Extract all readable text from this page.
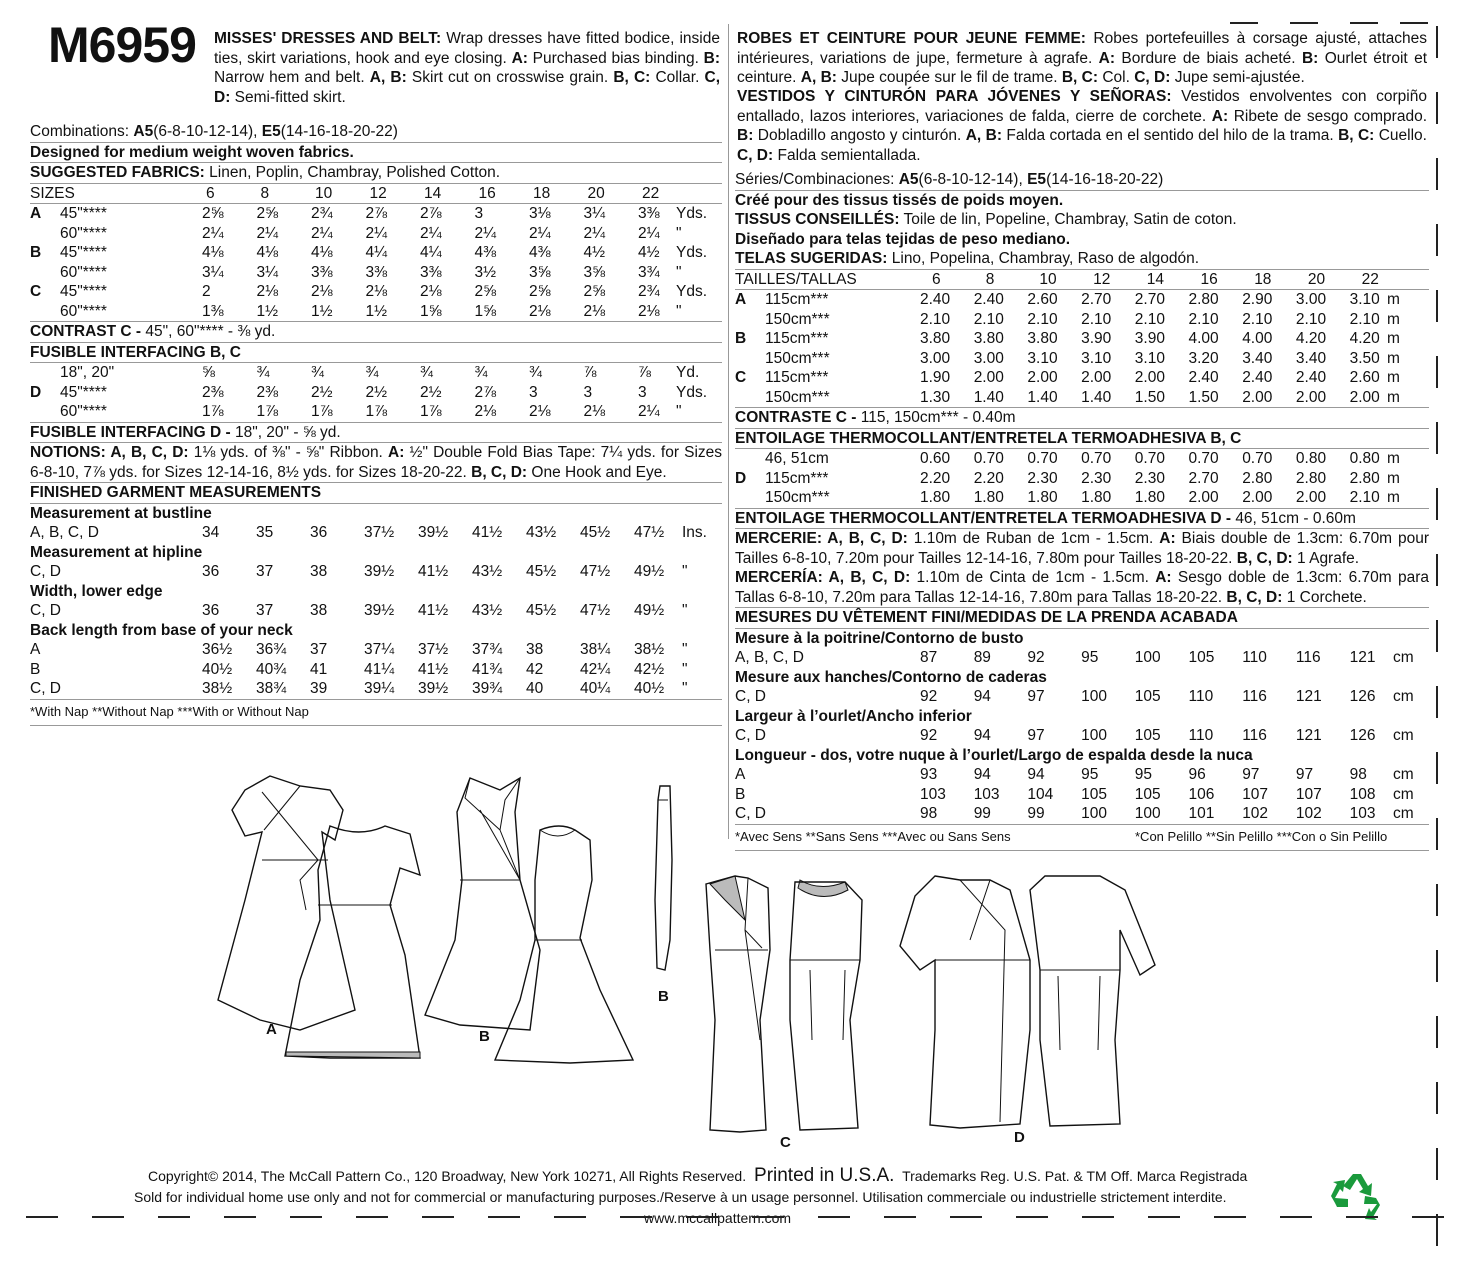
M6959 MISSES' DRESSES AND BELT: Wrap dresses have fitted bodice, inside ties, skirt variations, hook and eye closing. A: Purchased bias binding. B: Narrow hem and belt. A, B: Skirt cut on crosswise grain. B, C: Collar. C, D: Semi-fitted skirt.
ROBES ET CEINTURE POUR JEUNE FEMME: Robes portefeuilles à corsage ajusté, attaches intérieures, variations de jupe, fermeture à agrafe. A: Bordure de biais acheté. B: Ourlet étroit et ceinture. A, B: Jupe coupée sur le fil de trame. B, C: Col. C, D: Jupe semi-ajustée.
VESTIDOS Y CINTURÓN PARA JÓVENES Y SEÑORAS: Vestidos envolventes con corpiño entallado, lazos interiores, variaciones de falda, cierre de corchete. A: Ribete de sesgo comprado. B: Dobladillo angosto y cinturón. A, B: Falda cortada en el sentido del hilo de la trama. B, C: Cuello. C, D: Falda semientallada.
Combinations: A5(6-8-10-12-14), E5(14-16-18-20-22)
Designed for medium weight woven fabrics.
SUGGESTED FABRICS: Linen, Poplin, Chambray, Polished Cotton.
SIZES	6	8	10 12 14 16 18 20 22
A 45"****	2⅝ 2⅝ 2¾ 2⅞ 2⅞ 3	3⅛ 3¼ 3⅜ Yds.
60"****	2¼ 2¼ 2¼ 2¼ 2¼ 2¼ 2¼ 2¼ 2¼ "
B 45"****	4⅛ 4⅛ 4⅛ 4¼ 4¼ 4⅜ 4⅜ 4½ 4½ Yds.
60"****	3¼ 3¼ 3⅜ 3⅜ 3⅜ 3½ 3⅝ 3⅝ 3¾ "
C 45"****	2	2⅛ 2⅛ 2⅛ 2⅛ 2⅝ 2⅝ 2⅝ 2¾ Yds.
60"****	1⅜ 1½ 1½ 1½ 1⅝ 1⅝ 2⅛ 2⅛ 2⅛ "
CONTRAST C - 45", 60"**** - ⅜ yd.
FUSIBLE INTERFACING B, C
18", 20"	⅝	¾	¾	¾	¾	¾	¾	⅞	⅞ Yd.
D 45"****	2⅜ 2⅜ 2½ 2½ 2½ 2⅞ 3	3	3 Yds.
60"****	1⅞ 1⅞ 1⅞ 1⅞ 1⅞ 2⅛ 2⅛ 2⅛ 2¼ "
FUSIBLE INTERFACING D - 18", 20" - ⅝ yd.
NOTIONS: A, B, C, D: 1⅛ yds. of ⅜" - ⅝" Ribbon. A: ½" Double Fold Bias Tape: 7¼ yds. for Sizes 6-8-10, 7⅞ yds. for Sizes 12-14-16, 8½ yds. for Sizes 18-20-22. B, C, D: One Hook and Eye.
FINISHED GARMENT MEASUREMENTS
Measurement at bustline
A, B, C, D	34 35 36 37½ 39½ 41½ 43½ 45½ 47½ Ins.
Measurement at hipline
C, D	36 37 38 39½ 41½ 43½ 45½ 47½ 49½ "
Width, lower edge
C, D	36 37 38 39½ 41½ 43½ 45½ 47½ 49½ "
Back length from base of your neck
A	36½ 36¾ 37 37¼ 37½ 37¾ 38 38¼ 38½ "
B	40½ 40¾ 41 41¼ 41½ 41¾ 42 42¼ 42½ "
C, D	38½ 38¾ 39 39¼ 39½ 39¾ 40 40¼ 40½ "
*With Nap **Without Nap ***With or Without Nap
Séries/Combinaciones: A5(6-8-10-12-14), E5(14-16-18-20-22)
Créé pour des tissus tissés de poids moyen.
TISSUS CONSEILLÉS: Toile de lin, Popeline, Chambray, Satin de coton.
Diseñado para telas tejidas de peso mediano.
TELAS SUGERIDAS: Lino, Popelina, Chambray, Raso de algodón.
TAILLES/TALLAS	6	8	10 12 14 16 18 20 22
A 115cm***	2.40 2.40 2.60 2.70 2.70 2.80 2.90 3.00 3.10 m
150cm***	2.10 2.10 2.10 2.10 2.10 2.10 2.10 2.10 2.10 m
B 115cm***	3.80 3.80 3.80 3.90 3.90 4.00 4.00 4.20 4.20 m
150cm***	3.00 3.00 3.10 3.10 3.10 3.20 3.40 3.40 3.50 m
C 115cm***	1.90 2.00 2.00 2.00 2.00 2.40 2.40 2.40 2.60 m
150cm***	1.30 1.40 1.40 1.40 1.50 1.50 2.00 2.00 2.00 m
CONTRASTE C - 115, 150cm*** - 0.40m
ENTOILAGE THERMOCOLLANT/ENTRETELA TERMOADHESIVA B, C
46, 51cm	0.60 0.70 0.70 0.70 0.70 0.70 0.70 0.80 0.80 m
D 115cm***	2.20 2.20 2.30 2.30 2.30 2.70 2.80 2.80 2.80 m
150cm***	1.80 1.80 1.80 1.80 1.80 2.00 2.00 2.00 2.10 m
ENTOILAGE THERMOCOLLANT/ENTRETELA TERMOADHESIVA D - 46, 51cm - 0.60m
MERCERIE: A, B, C, D: 1.10m de Ruban de 1cm - 1.5cm. A: Biais double de 1.3cm: 6.70m pour Tailles 6-8-10, 7.20m pour Tailles 12-14-16, 7.80m pour Tailles 18-20-22. B, C, D: 1 Agrafe.
MERCERÍA: A, B, C, D: 1.10m de Cinta de 1cm - 1.5cm. A: Sesgo doble de 1.3cm: 6.70m para Tallas 6-8-10, 7.20m para Tallas 12-14-16, 7.80m para Tallas 18-20-22. B, C, D: 1 Corchete.
MESURES DU VÊTEMENT FINI/MEDIDAS DE LA PRENDA ACABADA
Mesure à la poitrine/Contorno de busto
A, B, C, D	87 89 92 95 100 105 110 116 121 cm
Mesure aux hanches/Contorno de caderas
C, D	92 94 97 100 105 110 116 121 126 cm
Largeur à l’ourlet/Ancho inferior
C, D	92 94 97 100 105 110 116 121 126 cm
Longueur - dos, votre nuque à l’ourlet/Largo de espalda desde la nuca
A	93 94 94 95 95 96 97 97 98 cm
B	103 103 104 105 105 106 107 107 108 cm
C, D	98 99 99 100 100 101 102 102 103 cm
*Avec Sens **Sans Sens ***Avec ou Sans Sens	*Con Pelillo **Sin Pelillo ***Con o Sin Pelillo
A	B
B
C	D
Copyright© 2014, The McCall Pattern Co., 120 Broadway, New York 10271, All Rights Reserved. Printed in U.S.A. Trademarks Reg. U.S. Pat. & TM Off. Marca Registrada
Sold for individual home use only and not for commercial or manufacturing purposes./Reserve à un usage personnel. Utilisation commerciale ou industrielle strictement interdite.
www.mccallpattern.com
